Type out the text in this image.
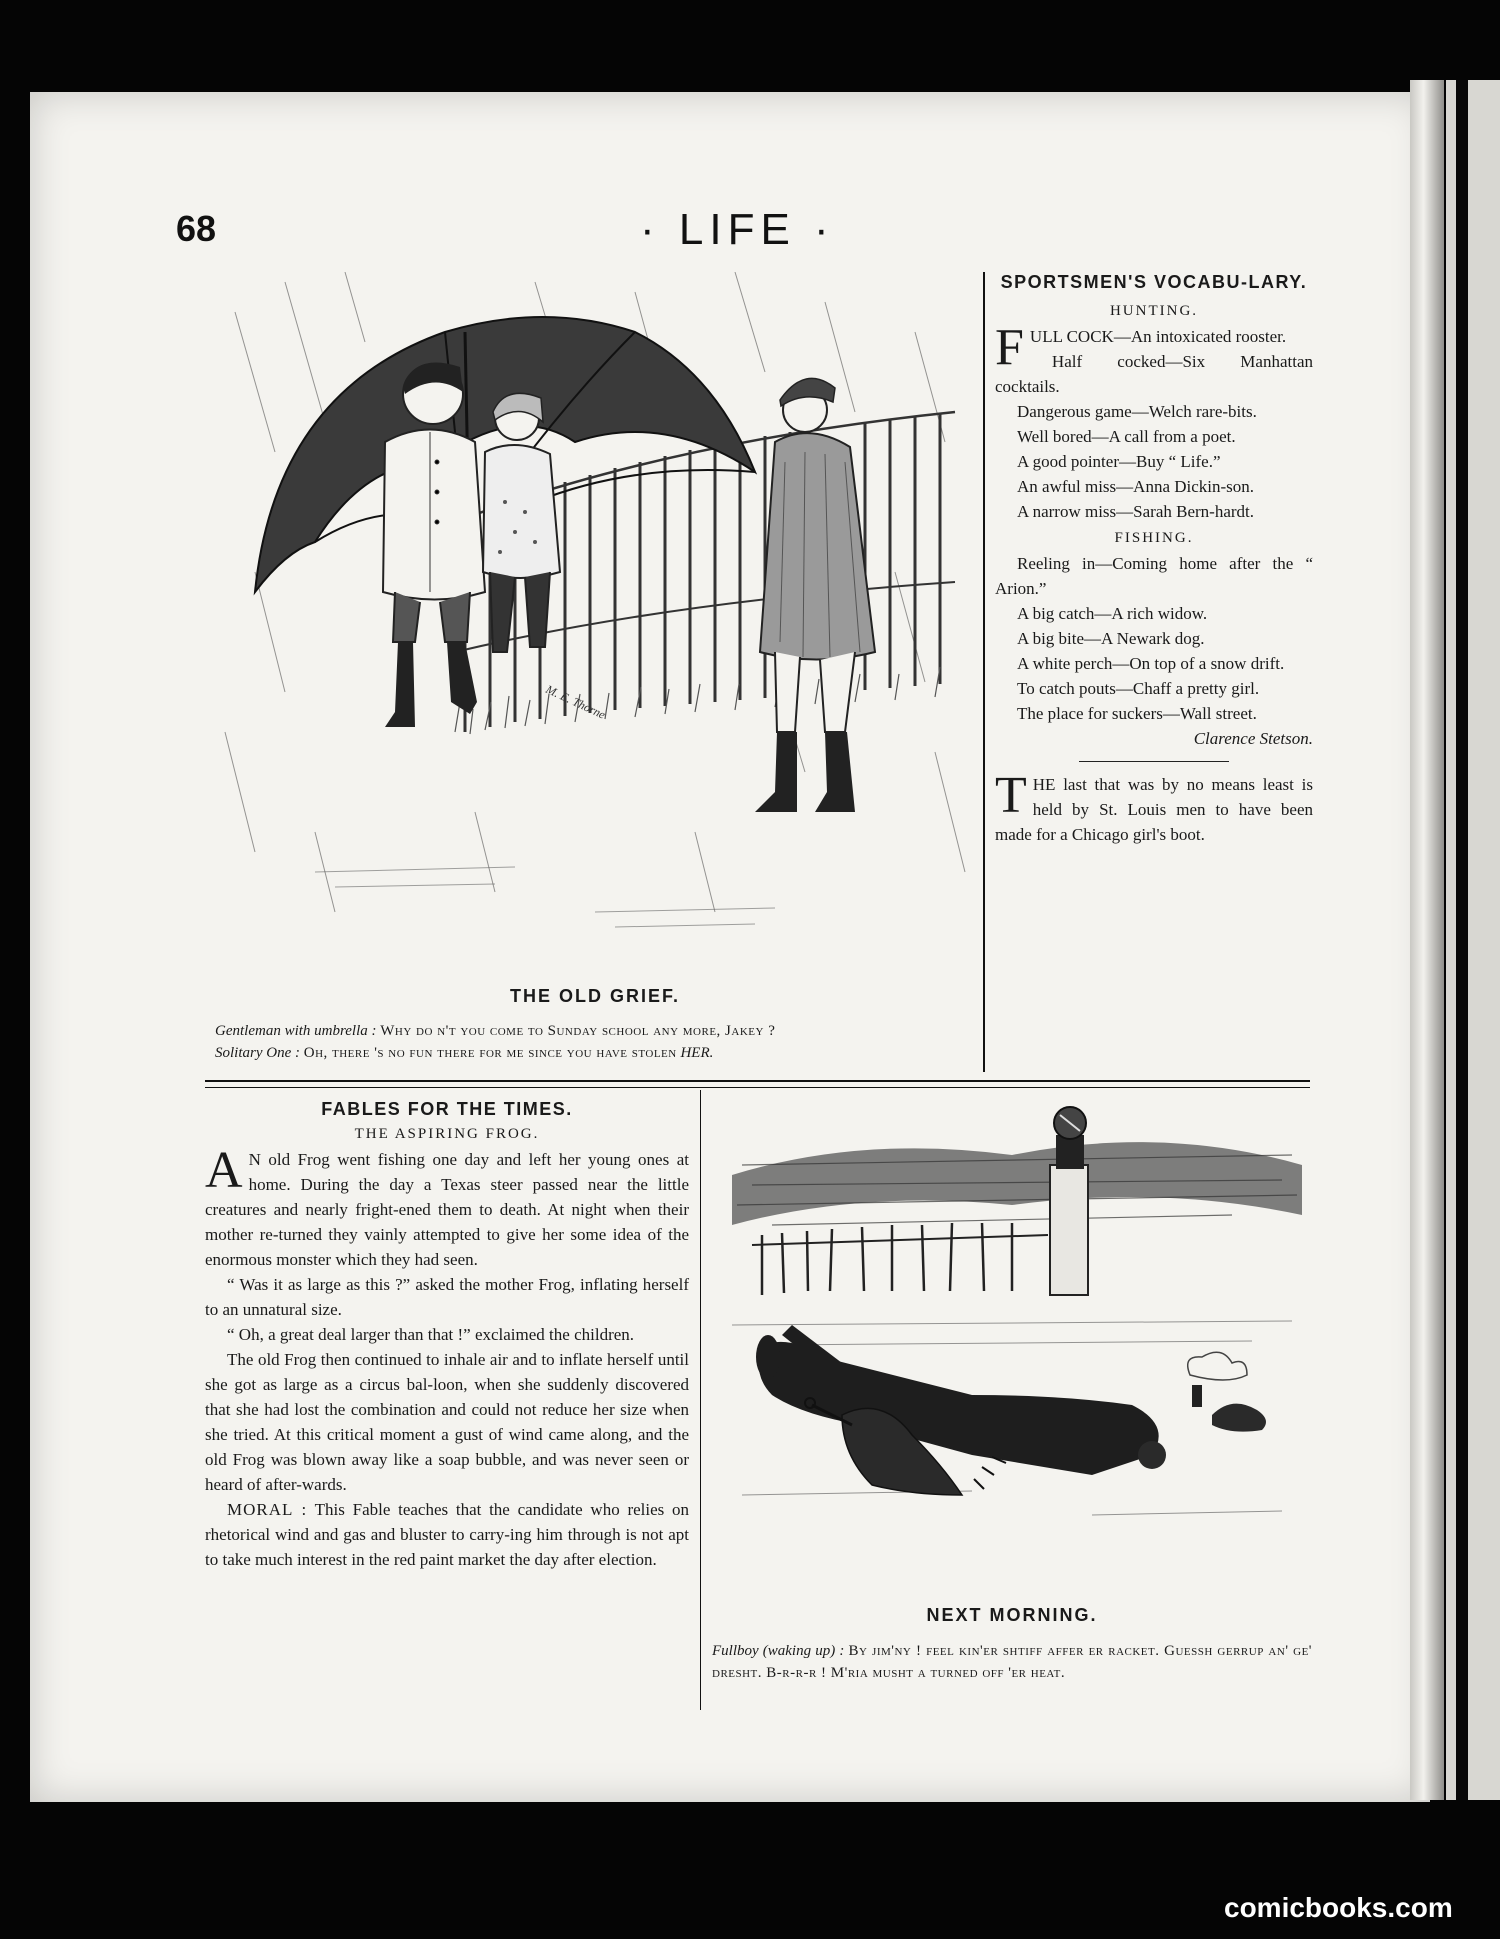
68	· LIFE ·
M. E. Thorne
THE OLD GRIEF.
Gentleman with umbrella : Why do n't you come to Sunday school any more, Jakey ?
Solitary One : Oh, there 's no fun there for me since you have stolen HER.
SPORTSMEN'S VOCABU-LARY.
HUNTING.

FULL COCK—An intoxicated rooster.

Half cocked—Six Manhattan cocktails.

Dangerous game—Welch rare-bits.

Well bored—A call from a poet.

A good pointer—Buy “ Life.”

An awful miss—Anna Dickin-son.

A narrow miss—Sarah Bern-hardt.

FISHING.

Reeling in—Coming home after the “ Arion.”

A big catch—A rich widow.

A big bite—A Newark dog.

A white perch—On top of a snow drift.

To catch pouts—Chaff a pretty girl.

The place for suckers—Wall street.

Clarence Stetson.

THE last that was by no means least is held by St. Louis men to have been made for a Chicago girl's boot.

FABLES FOR THE TIMES.
THE ASPIRING FROG.

A N old Frog went fishing one day and left her young ones at home. During the day a Texas steer passed near the little creatures and nearly fright-ened them to death. At night when their mother re-turned they vainly attempted to give her some idea of the enormous monster which they had seen.

“ Was it as large as this ?” asked the mother Frog, inflating herself to an unnatural size.

“ Oh, a great deal larger than that !” exclaimed the children.

The old Frog then continued to inhale air and to inflate herself until she got as large as a circus bal-loon, when she suddenly discovered that she had lost the combination and could not reduce her size when she tried. At this critical moment a gust of wind came along, and the old Frog was blown away like a soap bubble, and was never seen or heard of after-wards.

MORAL : This Fable teaches that the candidate who relies on rhetorical wind and gas and bluster to carry-ing him through is not apt to take much interest in the red paint market the day after election.

NEXT MORNING.
Fullboy (waking up) : By jim'ny ! feel kin'er shtiff affer er racket. Guessh gerrup an' ge' dresht. B-r-r-r ! M'ria musht a turned off 'er heat.
comicbooks.com
